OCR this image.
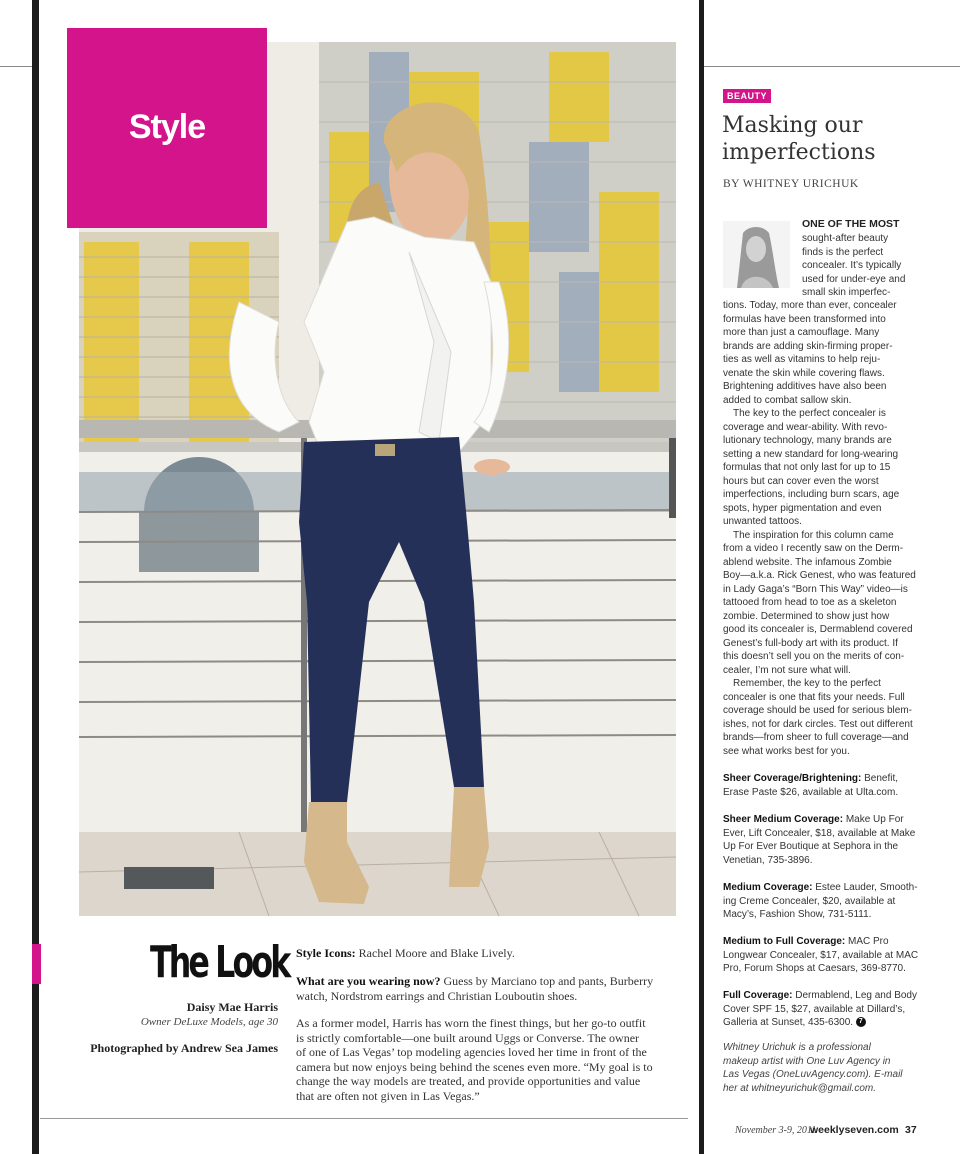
Style
BEAUTY
Masking our
imperfections
BY WHITNEY URICHUK
ONE OF THE MOST
sought-after beauty
finds is the perfect
concealer. It’s typically
used for under-eye and
small skin imperfec-
tions. Today, more than ever, concealer
formulas have been transformed into
more than just a camouflage. Many
brands are adding skin-firming proper-
ties as well as vitamins to help reju-
venate the skin while covering flaws.
Brightening additives have also been
added to combat sallow skin.
The key to the perfect concealer is
coverage and wear-ability. With revo-
lutionary technology, many brands are
setting a new standard for long-wearing
formulas that not only last for up to 15
hours but can cover even the worst
imperfections, including burn scars, age
spots, hyper pigmentation and even
unwanted tattoos.
The inspiration for this column came
from a video I recently saw on the Derm-
ablend website. The infamous Zombie
Boy—a.k.a. Rick Genest, who was featured
in Lady Gaga’s “Born This Way” video—is
tattooed from head to toe as a skeleton
zombie. Determined to show just how
good its concealer is, Dermablend covered
Genest’s full-body art with its product. If
this doesn’t sell you on the merits of con-
cealer, I’m not sure what will.
Remember, the key to the perfect
concealer is one that fits your needs. Full
coverage should be used for serious blem-
ishes, not for dark circles. Test out different
brands—from sheer to full coverage—and
see what works best for you.
Sheer Coverage/Brightening: Benefit,
Erase Paste $26, available at Ulta.com.
Sheer Medium Coverage: Make Up For
Ever, Lift Concealer, $18, available at Make
Up For Ever Boutique at Sephora in the
Venetian, 735-3896.
Medium Coverage: Estee Lauder, Smooth-
ing Creme Concealer, $20, available at
Macy’s, Fashion Show, 731-5111.
Medium to Full Coverage: MAC Pro
Longwear Concealer, $17, available at MAC
Pro, Forum Shops at Caesars, 369-8770.
Full Coverage: Dermablend, Leg and Body
Cover SPF 15, $27, available at Dillard’s,
Galleria at Sunset, 435-6300. 7
Whitney Urichuk is a professional
makeup artist with One Luv Agency in
Las Vegas (OneLuvAgency.com). E-mail
her at whitneyurichuk@gmail.com.
The Look
Daisy Mae Harris
Owner DeLuxe Models, age 30
Photographed by Andrew Sea James
Style Icons: Rachel Moore and Blake Lively.
What are you wearing now? Guess by Marciano top and pants, Burberry
watch, Nordstrom earrings and Christian Louboutin shoes.
As a former model, Harris has worn the finest things, but her go-to outfit
is strictly comfortable—one built around Uggs or Converse. The owner
of one of Las Vegas’ top modeling agencies loved her time in front of the
camera but now enjoys being behind the scenes even more. “My goal is to
change the way models are treated, and provide opportunities and value
that are often not given in Las Vegas.”
November 3-9, 2011
weeklyseven.com 37
